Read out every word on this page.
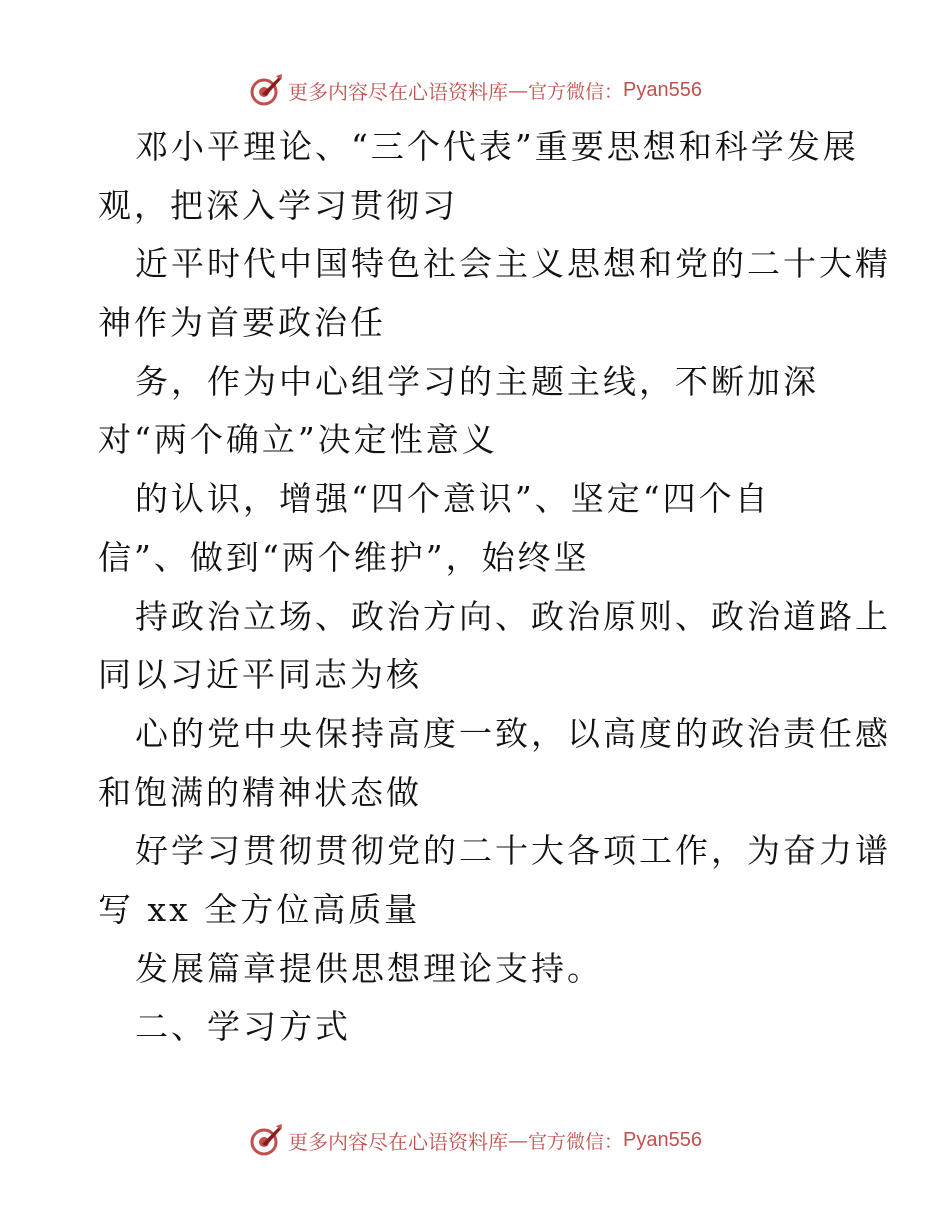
更多内容尽在心语资料库 — 官方微信： Pyan556
邓小平理论、“三个代表”重要思想和科学发展
观，把深入学习贯彻习
近平时代中国特色社会主义思想和党的二十大精
神作为首要政治任
务，作为中心组学习的主题主线，不断加深
对“两个确立”决定性意义
的认识，增强“四个意识”、坚定“四个自
信”、做到“两个维护”，始终坚
持政治立场、政治方向、政治原则、政治道路上
同以习近平同志为核
心的党中央保持高度一致，以高度的政治责任感
和饱满的精神状态做
好学习贯彻贯彻党的二十大各项工作，为奋力谱
写 xx 全方位高质量
发展篇章提供思想理论支持。
二、学习方式
更多内容尽在心语资料库 — 官方微信： Pyan556
